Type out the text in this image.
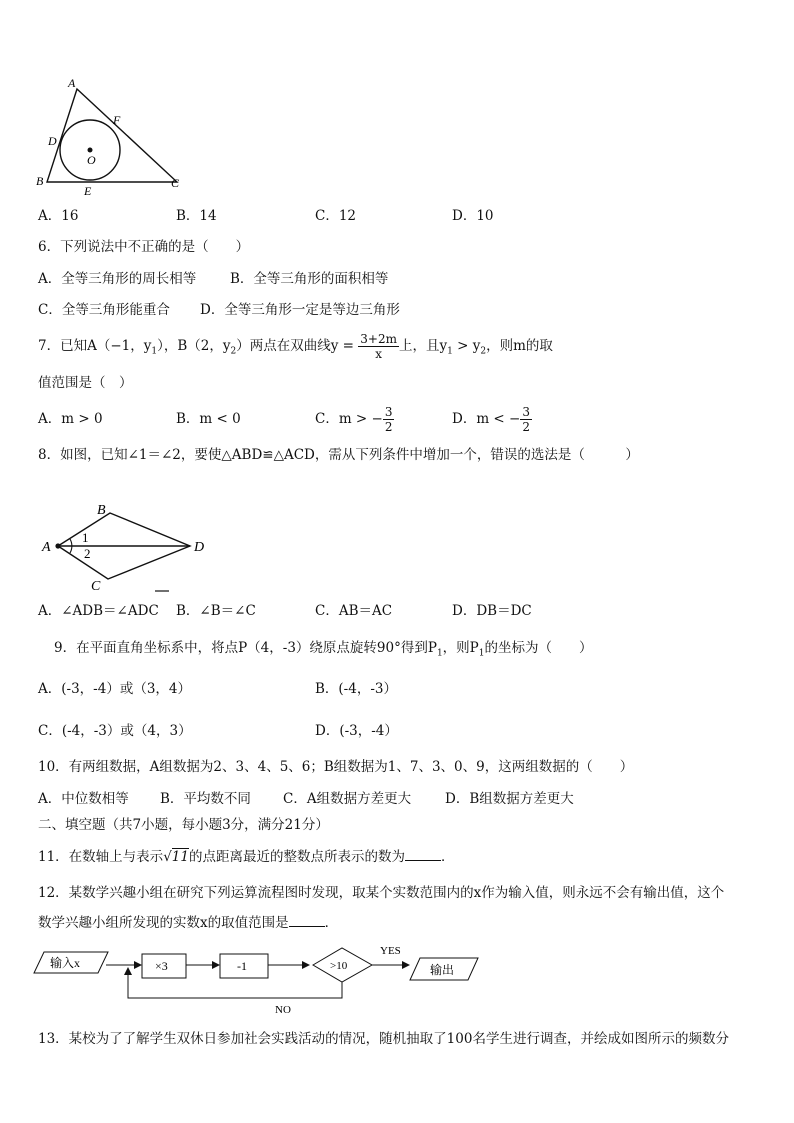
A
B	C
D
E
F
O
A．16	B．14	C．12	D．10
6．下列说法中不正确的是（　　）
A．全等三角形的周长相等	B．全等三角形的面积相等
C．全等三角形能重合 D．全等三角形一定是等边三角形
7．已知A（−1，$y_1$），B（2，$y_2$）两点在双曲线$y = \frac{3+2m}{x}$ 上，且$y_1 > y_2$，则m的取
值范围是（　）
A．m > 0	B．m < 0	C．m > − $\frac{3}{2}$	D．m < − $\frac{3}{2}$
8．如图，已知∠1＝∠2，要使△ABD≌△ACD，需从下列条件中增加一个，错误的选法是（　　　）
A
B
C
D
1
2
A．∠ADB＝∠ADC B．∠B＝∠C	C．AB＝AC	D．DB＝DC
9．在平面直角坐标系中，将点P（4，-3）绕原点旋转90°得到$P_1$，则$P_1$的坐标为（　　）
A．(-3，-4）或（3，4）	B．(-4，-3）
C．(-4，-3）或（4，3）	D．(-3，-4）
10．有两组数据，A组数据为2、3、4、5、6；B组数据为1、7、3、0、9，这两组数据的（　　）
A．中位数相等 B．平均数不同 C．A组数据方差更大	D．B组数据方差更大
二、填空题（共7小题，每小题3分，满分21分）
11．在数轴上与表示√11的点距离最近的整数点所表示的数为	．
12．某数学兴趣小组在研究下列运算流程图时发现，取某个实数范围内的x作为输入值，则永远不会有输出值，这个
数学兴趣小组所发现的实数x的取值范围是	．
输入x	×3	-1	>10
YES
输出
NO
13．某校为了了解学生双休日参加社会实践活动的情况，随机抽取了100名学生进行调查，并绘成如图所示的频数分
